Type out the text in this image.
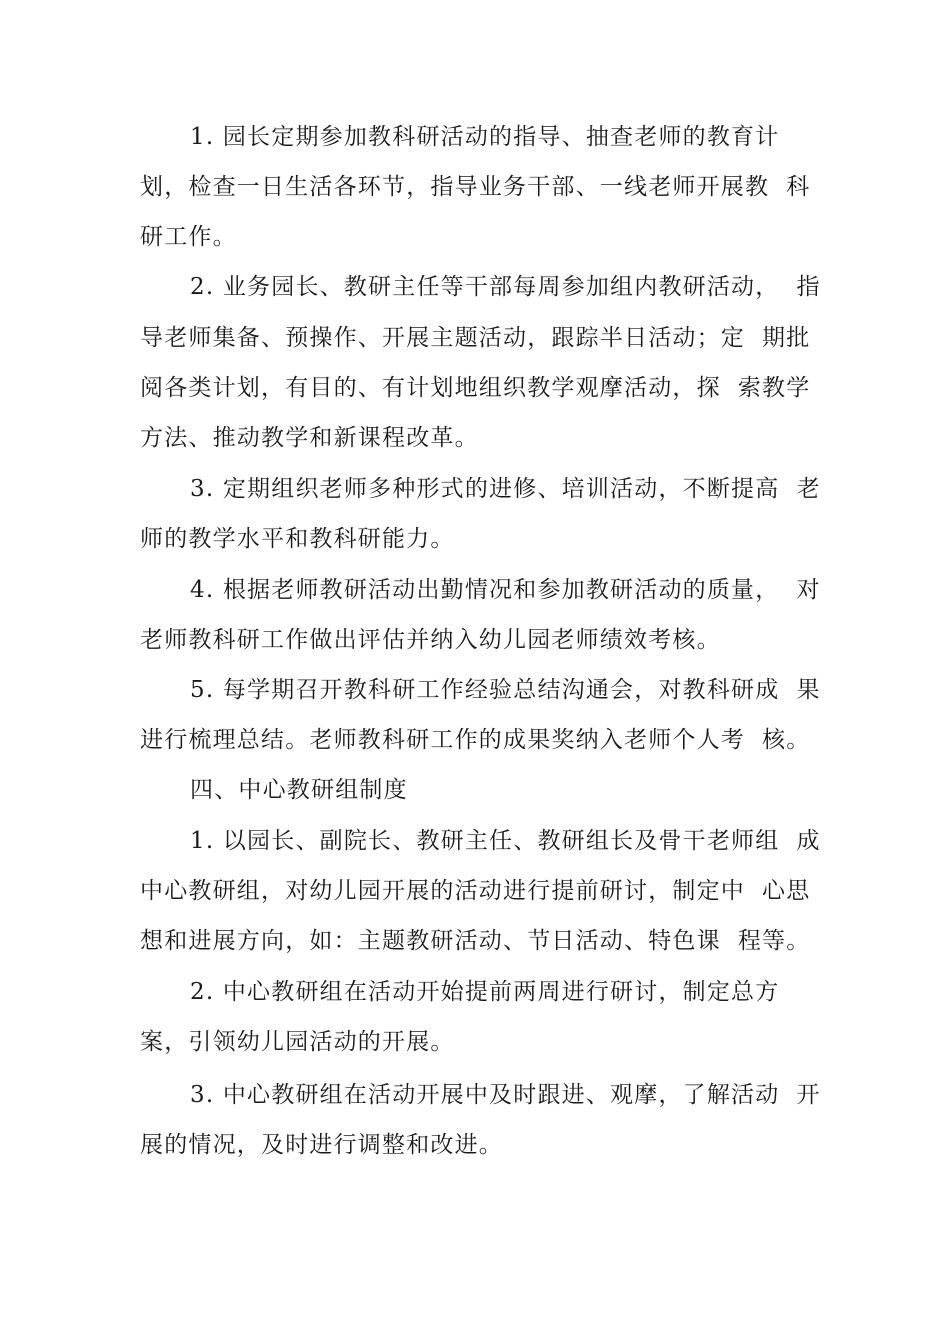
1. 园长定期参加教科研活动的指导、抽查老师的教育计
划，检查一日生活各环节，指导业务干部、一线老师开展教  科
研工作。
2. 业务园长、教研主任等干部每周参加组内教研活动，  指
导老师集备、预操作、开展主题活动，跟踪半日活动；定  期批
阅各类计划，有目的、有计划地组织教学观摩活动，探  索教学
方法、推动教学和新课程改革。
3. 定期组织老师多种形式的进修、培训活动，不断提高  老
师的教学水平和教科研能力。
4. 根据老师教研活动出勤情况和参加教研活动的质量，  对
老师教科研工作做出评估并纳入幼儿园老师绩效考核。
5. 每学期召开教科研工作经验总结沟通会，对教科研成  果
进行梳理总结。老师教科研工作的成果奖纳入老师个人考  核。
四、中心教研组制度
1. 以园长、副院长、教研主任、教研组长及骨干老师组  成
中心教研组，对幼儿园开展的活动进行提前研讨，制定中  心思
想和进展方向，如：主题教研活动、节日活动、特色课  程等。
2. 中心教研组在活动开始提前两周进行研讨，制定总方
案，引领幼儿园活动的开展。
3. 中心教研组在活动开展中及时跟进、观摩，了解活动  开
展的情况，及时进行调整和改进。
